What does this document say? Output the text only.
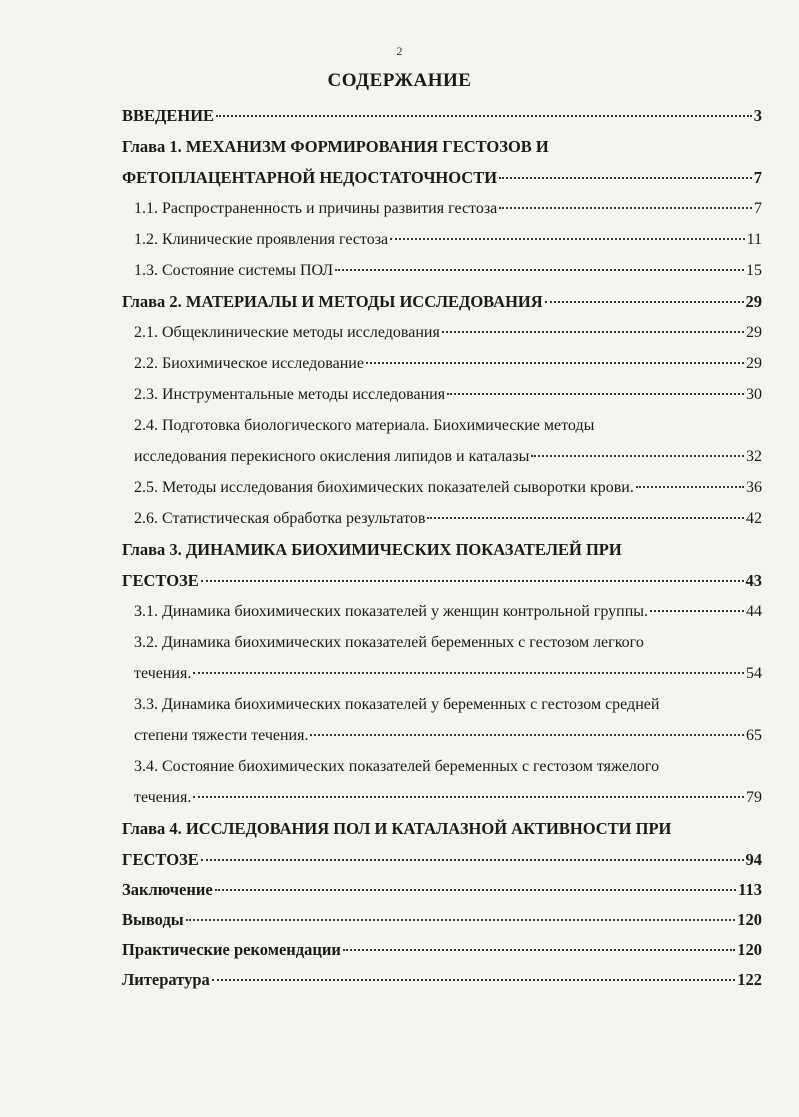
2
СОДЕРЖАНИЕ
ВВЕДЕНИЕ	3
Глава 1. МЕХАНИЗМ ФОРМИРОВАНИЯ ГЕСТОЗОВ И
ФЕТОПЛАЦЕНТАРНОЙ НЕДОСТАТОЧНОСТИ	7
1.1. Распространенность и причины развития гестоза	7
1.2. Клинические проявления гестоза	11
1.3. Состояние системы ПОЛ	15
Глава 2. МАТЕРИАЛЫ И МЕТОДЫ ИССЛЕДОВАНИЯ	29
2.1. Общеклинические методы исследования	29
2.2. Биохимическое исследование	29
2.3. Инструментальные методы исследования	30
2.4. Подготовка биологического материала. Биохимические методы
исследования перекисного окисления липидов и каталазы	32
2.5. Методы исследования биохимических показателей сыворотки крови.	36
2.6. Статистическая обработка результатов	42
Глава 3. ДИНАМИКА БИОХИМИЧЕСКИХ ПОКАЗАТЕЛЕЙ ПРИ
ГЕСТОЗЕ	43
3.1. Динамика биохимических показателей у женщин контрольной группы.	44
3.2. Динамика биохимических показателей беременных с гестозом легкого
течения.	54
3.3. Динамика биохимических показателей у беременных с гестозом средней
степени тяжести течения.	65
3.4. Состояние биохимических показателей беременных с гестозом тяжелого
течения.	79
Глава 4. ИССЛЕДОВАНИЯ ПОЛ И КАТАЛАЗНОЙ АКТИВНОСТИ ПРИ
ГЕСТОЗЕ	94
Заключение	113
Выводы	120
Практические рекомендации	120
Литература	122
